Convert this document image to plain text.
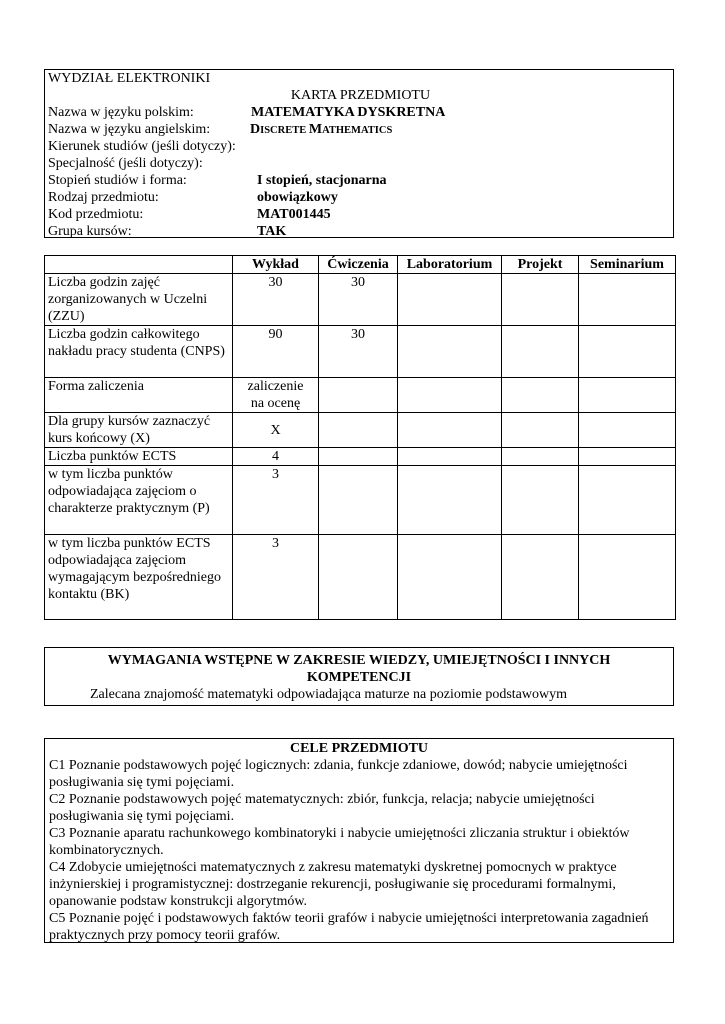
WYDZIAŁ ELEKTRONIKI
KARTA PRZEDMIOTU
Nazwa w języku polskim:	MATEMATYKA DYSKRETNA
Nazwa w języku angielskim:	DISCRETE MATHEMATICS
Kierunek studiów (jeśli dotyczy):
Specjalność (jeśli dotyczy):
Stopień studiów i forma:	I stopień, stacjonarna
Rodzaj przedmiotu:	obowiązkowy
Kod przedmiotu:	MAT001445
Grupa kursów:	TAK
	Wykład	Ćwiczenia	Laboratorium	Projekt	Seminarium
Liczba godzin zajęć zorganizowanych w Uczelni (ZZU)	30	30			
Liczba godzin całkowitego nakładu pracy studenta (CNPS)	90	30			
Forma zaliczenia	zaliczenie na ocenę				
Dla grupy kursów zaznaczyć kurs końcowy (X)	X				
Liczba punktów ECTS	4				
w tym liczba punktów odpowiadająca zajęciom o charakterze praktycznym (P)	3				
w tym liczba punktów ECTS odpowiadająca zajęciom wymagającym bezpośredniego kontaktu (BK)	3				
WYMAGANIA WSTĘPNE W ZAKRESIE WIEDZY, UMIEJĘTNOŚCI I INNYCH KOMPETENCJI
Zalecana znajomość matematyki odpowiadająca maturze na poziomie podstawowym
CELE PRZEDMIOTU

C1 Poznanie podstawowych pojęć logicznych: zdania, funkcje zdaniowe, dowód; nabycie umiejętności posługiwania się tymi pojęciami.

C2 Poznanie podstawowych pojęć matematycznych: zbiór, funkcja, relacja; nabycie umiejętności posługiwania się tymi pojęciami.

C3 Poznanie aparatu rachunkowego kombinatoryki i nabycie umiejętności zliczania struktur i obiektów kombinatorycznych.

C4 Zdobycie umiejętności matematycznych z zakresu matematyki dyskretnej pomocnych w praktyce inżynierskiej i programistycznej: dostrzeganie rekurencji, posługiwanie się procedurami formalnymi, opanowanie podstaw konstrukcji algorytmów.

C5 Poznanie pojęć i podstawowych faktów teorii grafów i nabycie umiejętności interpretowania zagadnień praktycznych przy pomocy teorii grafów.
